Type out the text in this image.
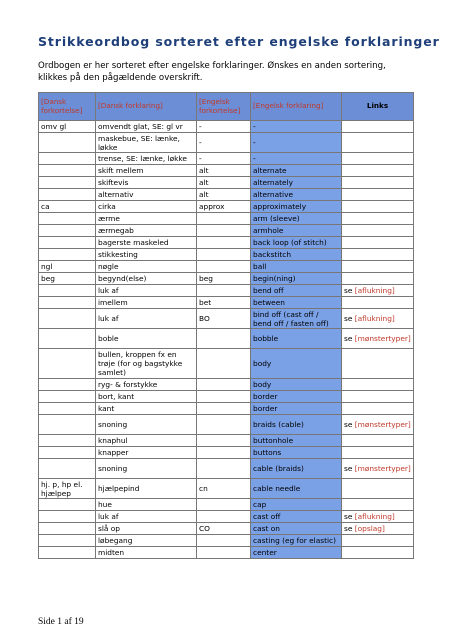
Strikkeordbog sorteret efter engelske forklaringer

Ordbogen er her sorteret efter engelske forklaringer. Ønskes en anden sortering,

klikkes på den pågældende overskrift.

[Dansk forkortelse]	[Dansk forklaring]	[Engelsk forkortelse]	[Engelsk forklaring]	Links
omv gl	omvendt glat, SE: gl vr	-	-	
	maskebue, SE: lænke, løkke	-	-	
	trense, SE: lænke, løkke	-	-	
	skift mellem	alt	alternate	
	skiftevis	alt	alternately	
	alternativ	alt	alternative	
ca	cirka	approx	approximately	
	ærme		arm (sleeve)	
	ærmegab		armhole	
	bagerste maskeled		back loop (of stitch)	
	stikkesting		backstitch	
ngl	nøgle		ball	
beg	begynd(else)	beg	begin(ning)	
	luk af		bend off	se [aflukning]
	imellem	bet	between	
	luk af	BO	bind off (cast off / bend off / fasten off)	se [aflukning]
	boble		bobble	se [mønstertyper]
	bullen, kroppen fx en trøje (for og bagstykke samlet)		body	
	ryg- & forstykke		body	
	bort, kant		border	
	kant		border	
	snoning		braids (cable)	se [mønstertyper]
	knaphul		buttonhole	
	knapper		buttons	
	snoning		cable (braids)	se [mønstertyper]
hj. p, hp el. hjælpep	hjælpepind	cn	cable needle	
	hue		cap	
	luk af		cast off	se [aflukning]
	slå op	CO	cast on	se [opslag]
	løbegang		casting (eg for elastic)	
	midten		center	
Side 1 af 19
